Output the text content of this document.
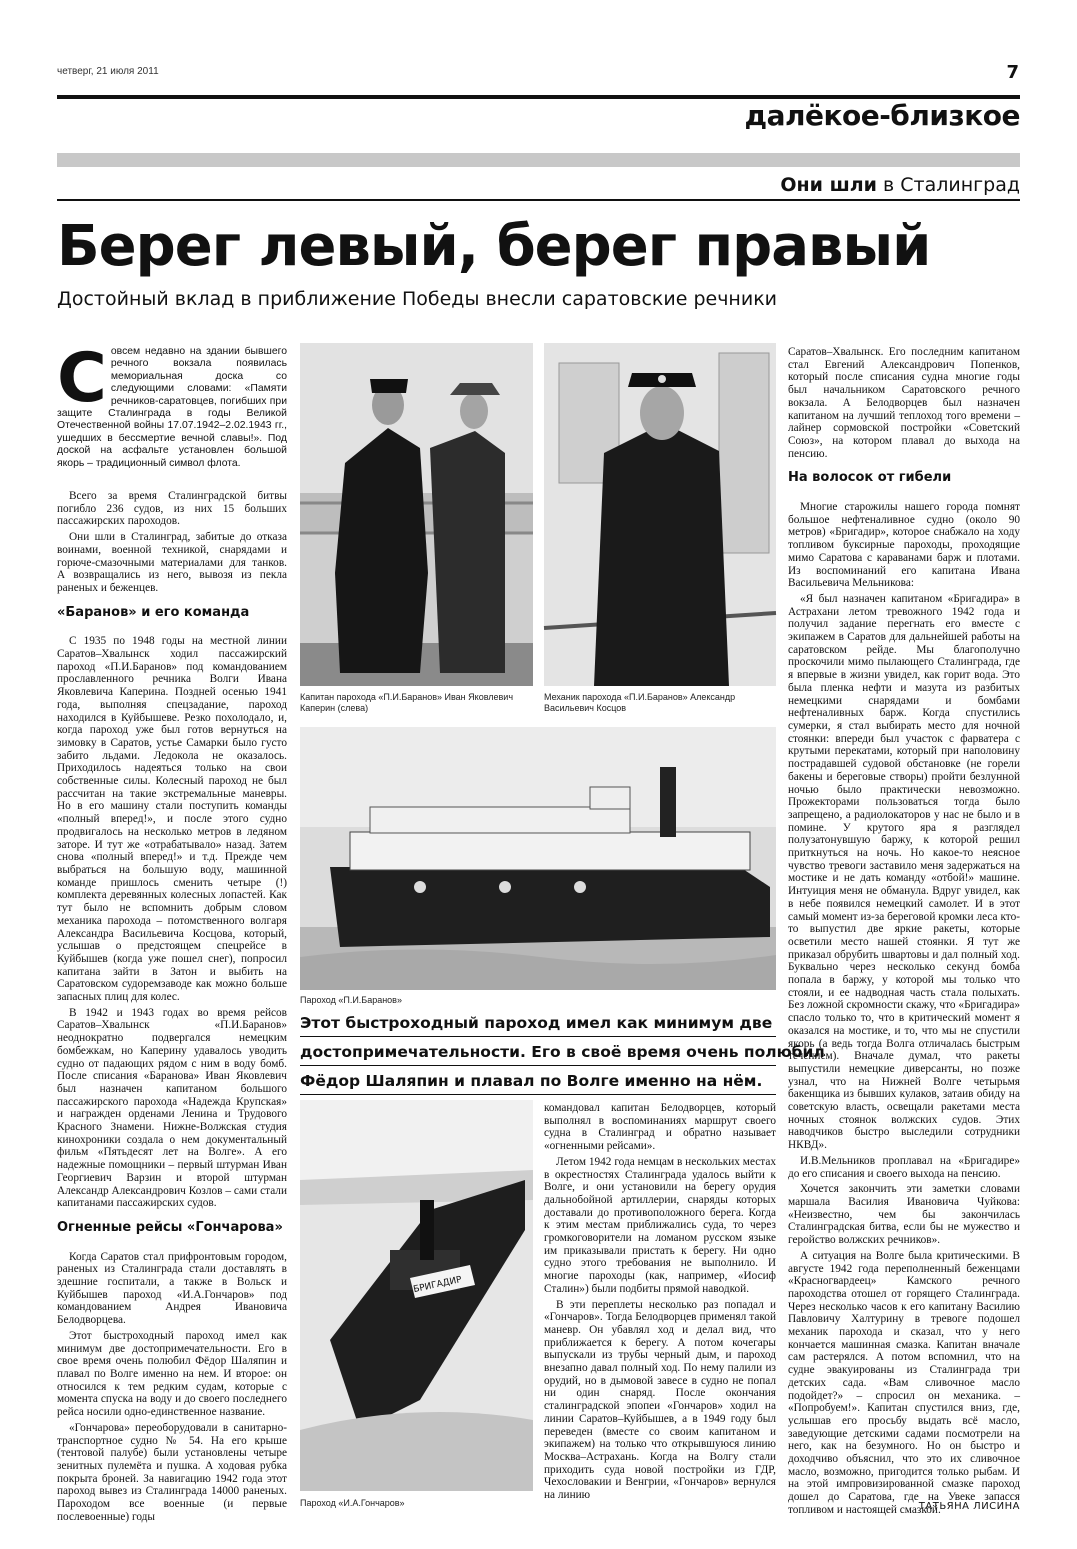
четверг, 21 июля 2011	7
далёкое-близкое
Они шли в Сталинград
Берег левый, берег правый
Достойный вклад в приближение Победы внесли саратовские речники
С овсем недавно на здании бывшего речного вокзала появилась мемориальная доска со следующими словами: «Памяти речников-саратовцев, погибших при защите Сталинграда в годы Великой Отечественной войны 17.07.1942–2.02.1943 гг., ушедших в бессмертие вечной славы!». Под доской на асфальте установлен большой якорь – традиционный символ флота.

Всего за время Сталинградской битвы погибло 236 судов, из них 15 больших пассажирских пароходов.

Они шли в Сталинград, забитые до отказа воинами, военной техникой, снарядами и горюче-смазочными материалами для танков. А возвращались из него, вывозя из пекла раненых и беженцев.

«Баранов» и его команда

С 1935 по 1948 годы на местной линии Саратов–Хвалынск ходил пассажирский пароход «П.И.Баранов» под командованием прославленного речника Волги Ивана Яковлевича Каперина. Поздней осенью 1941 года, выполняя спецзадание, пароход находился в Куйбышеве. Резко похолодало, и, когда пароход уже был готов вернуться на зимовку в Саратов, устье Самарки было густо забито льдами. Ледокола не оказалось. Приходилось надеяться только на свои собственные силы. Колесный пароход не был рассчитан на такие экстремальные маневры. Но в его машину стали поступить команды «полный вперед!», и после этого судно продвигалось на несколько метров в ледяном заторе. И тут же «отрабатывало» назад. Затем снова «полный вперед!» и т.д. Прежде чем выбраться на большую воду, машинной команде пришлось сменить четыре (!) комплекта деревянных колесных лопастей. Как тут было не вспомнить добрым словом механика парохода – потомственного волгаря Александра Васильевича Косцова, который, услышав о предстоящем спецрейсе в Куйбышев (когда уже пошел снег), попросил капитана зайти в Затон и выбить на Саратовском судоремзаводе как можно больше запасных плиц для колес.

В 1942 и 1943 годах во время рейсов Саратов–Хвалынск «П.И.Баранов» неоднократно подвергался немецким бомбежкам, но Каперину удавалось уводить судно от падающих рядом с ним в воду бомб. После списания «Баранова» Иван Яковлевич был назначен капитаном большого пассажирского парохода «Надежда Крупская» и награжден орденами Ленина и Трудового Красного Знамени. Нижне-Волжская студия кинохроники создала о нем документальный фильм «Пятьдесят лет на Волге». А его надежные помощники – первый штурман Иван Георгиевич Варзин и второй штурман Александр Александрович Козлов – сами стали капитанами пассажирских судов.

Огненные рейсы «Гончарова»

Когда Саратов стал прифронтовым городом, раненых из Сталинграда стали доставлять в здешние госпитали, а также в Вольск и Куйбышев пароход «И.А.Гончаров» под командованием Андрея Ивановича Белодворцева.

Этот быстроходный пароход имел как минимум две достопримечательности. Его в свое время очень полюбил Фёдор Шаляпин и плавал по Волге именно на нем. И второе: он относился к тем редким судам, которые с момента спуска на воду и до своего последнего рейса носили одно-единственное название.

«Гончарова» переоборудовали в санитарно-транспортное судно № 54. На его крыше (тентовой палубе) были установлены четыре зенитных пулемёта и пушка. А ходовая рубка покрыта броней. За навигацию 1942 года этот пароход вывез из Сталинграда 14000 раненых. Пароходом все военные (и первые послевоенные) годы

Капитан парохода «П.И.Баранов» Иван Яковлевич Каперин (слева)
Механик парохода «П.И.Баранов» Александр Васильевич Косцов
Пароход «П.И.Баранов»
Этот быстроходный пароход имел как минимум две
достопримечательности. Его в своё время очень полюбил
Фёдор Шаляпин и плавал по Волге именно на нём.
БРИГАДИР
Пароход «И.А.Гончаров»

командовал капитан Белодворцев, который выполнял в воспоминаниях маршрут своего судна в Сталинград и обратно называет «огненными рейсами».

Летом 1942 года немцам в нескольких местах в окрестностях Сталинграда удалось выйти к Волге, и они установили на берегу орудия дальнобойной артиллерии, снаряды которых доставали до противоположного берега. Когда к этим местам приближались суда, то через громкоговорители на ломаном русском языке им приказывали пристать к берегу. Ни одно судно этого требования не выполнило. И многие пароходы (как, например, «Иосиф Сталин») были подбиты прямой наводкой.

В эти переплеты несколько раз попадал и «Гончаров». Тогда Белодворцев применял такой маневр. Он убавлял ход и делал вид, что приближается к берегу. А потом кочегары выпускали из трубы черный дым, и пароход внезапно давал полный ход. По нему палили из орудий, но в дымовой завесе в судно не попал ни один снаряд. После окончания сталинградской эпопеи «Гончаров» ходил на линии Саратов–Куйбышев, а в 1949 году был переведен (вместе со своим капитаном и экипажем) на только что открывшуюся линию Москва–Астрахань. Когда на Волгу стали приходить суда новой постройки из ГДР, Чехословакии и Венгрии, «Гончаров» вернулся на линию

Саратов–Хвалынск. Его последним капитаном стал Евгений Александрович Попенков, который после списания судна многие годы был начальником Саратовского речного вокзала. А Белодворцев был назначен капитаном на лучший теплоход того времени – лайнер сормовской постройки «Советский Союз», на котором плавал до выхода на пенсию.

На волосок от гибели

Многие старожилы нашего города помнят большое нефтеналивное судно (около 90 метров) «Бригадир», которое снабжало на ходу топливом буксирные пароходы, проходящие мимо Саратова с караванами барж и плотами. Из воспоминаний его капитана Ивана Васильевича Мельникова:

«Я был назначен капитаном «Бригадира» в Астрахани летом тревожного 1942 года и получил задание перегнать его вместе с экипажем в Саратов для дальнейшей работы на саратовском рейде. Мы благополучно проскочили мимо пылающего Сталинграда, где я впервые в жизни увидел, как горит вода. Это была пленка нефти и мазута из разбитых немецкими снарядами и бомбами нефтеналивных барж. Когда спустились сумерки, я стал выбирать место для ночной стоянки: впереди был участок с фарватера с крутыми перекатами, который при наполовину пострадавшей судовой обстановке (не горели бакены и береговые створы) пройти безлунной ночью было практически невозможно. Прожекторами пользоваться тогда было запрещено, а радиолокаторов у нас не было и в помине. У крутого яра я разглядел полузатонувшую баржу, к которой решил приткнуться на ночь. Но какое-то неясное чувство тревоги заставило меня задержаться на мостике и не дать команду «отбой!» машине. Интуиция меня не обманула. Вдруг увидел, как в небе появился немецкий самолет. И в этот самый момент из-за береговой кромки леса кто-то выпустил две яркие ракеты, которые осветили место нашей стоянки. Я тут же приказал обрубить швартовы и дал полный ход. Буквально через несколько секунд бомба попала в баржу, у которой мы только что стояли, и ее надводная часть стала полыхать. Без ложной скромности скажу, что «Бригадира» спасло только то, что в критический момент я оказался на мостике, и то, что мы не спустили якорь (а ведь тогда Волга отличалась быстрым течением). Вначале думал, что ракеты выпустили немецкие диверсанты, но позже узнал, что на Нижней Волге четырьмя бакенщика из бывших кулаков, затаив обиду на советскую власть, освещали ракетами места ночных стоянок волжских судов. Этих наводчиков быстро выследили сотрудники НКВД».

И.В.Мельников проплавал на «Бригадире» до его списания и своего выхода на пенсию.

Хочется закончить эти заметки словами маршала Василия Ивановича Чуйкова: «Неизвестно, чем бы закончилась Сталинградская битва, если бы не мужество и геройство волжских речников».

А ситуация на Волге была критическими. В августе 1942 года переполненный беженцами «Красногвардеец» Камского речного пароходства отошел от горящего Сталинграда. Через несколько часов к его капитану Василию Павловичу Халтурину в тревоге подошел механик парохода и сказал, что у него кончается машинная смазка. Капитан вначале сам растерялся. А потом вспомнил, что на судне эвакуированы из Сталинграда три детских сада. «Вам сливочное масло подойдет?» – спросил он механика. – «Попробуем!». Капитан спустился вниз, где, услышав его просьбу выдать всё масло, заведующие детскими садами посмотрели на него, как на безумного. Но он быстро и доходчиво объяснил, что это их сливочное масло, возможно, пригодится только рыбам. И на этой импровизированной смазке пароход дошел до Саратова, где на Увеке запасся топливом и настоящей смазкой.

ТАТЬЯНА ЛИСИНА
